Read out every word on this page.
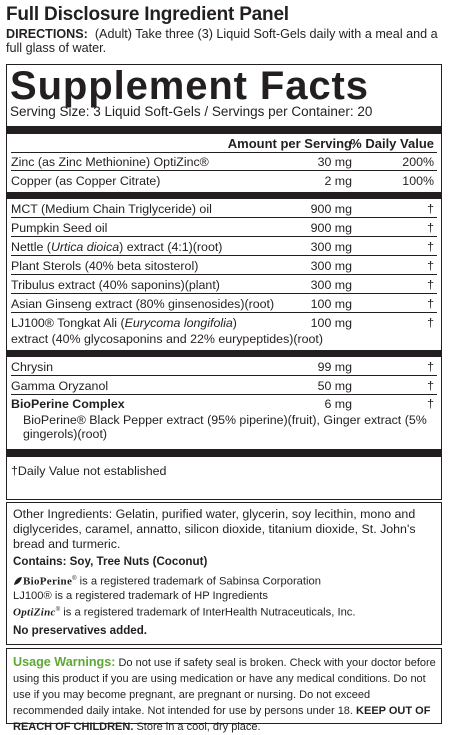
Full Disclosure Ingredient Panel
DIRECTIONS: (Adult) Take three (3) Liquid Soft-Gels daily with a meal and a full glass of water.
Supplement Facts
Serving Size: 3 Liquid Soft-Gels / Servings per Container: 20
Amount per Serving
% Daily Value
Zinc (as Zinc Methionine) OptiZinc®	30 mg	200%
Copper (as Copper Citrate)	2 mg	100%
MCT (Medium Chain Triglyceride) oil	900 mg	†
Pumpkin Seed oil	900 mg	†
Nettle (Urtica dioica) extract (4:1)(root)	300 mg	†
Plant Sterols (40% beta sitosterol)	300 mg	†
Tribulus extract (40% saponins)(plant)	300 mg	†
Asian Ginseng extract (80% ginsenosides)(root)	100 mg	†
LJ100® Tongkat Ali (Eurycoma longifolia)
extract (40% glycosaponins and 22% eurypeptides)(root)
100 mg	†
Chrysin	99 mg	†
Gamma Oryzanol	50 mg	†
BioPerine Complex	6 mg	†
BioPerine® Black Pepper extract (95% piperine)(fruit), Ginger extract (5% gingerols)(root)
†Daily Value not established
Other Ingredients: Gelatin, purified water, glycerin, soy lecithin, mono and diglycerides, caramel, annatto, silicon dioxide, titanium dioxide, St. John's bread and turmeric.
Contains: Soy, Tree Nuts (Coconut)
BioPerine® is a registered trademark of Sabinsa Corporation
LJ100® is a registered trademark of HP Ingredients
OptiZinc® is a registered trademark of InterHealth Nutraceuticals, Inc.
No preservatives added.
Usage Warnings: Do not use if safety seal is broken. Check with your doctor before using this product if you are using medication or have any medical conditions. Do not use if you may become pregnant, are pregnant or nursing. Do not exceed recommended daily intake. Not intended for use by persons under 18. KEEP OUT OF REACH OF CHILDREN. Store in a cool, dry place.
